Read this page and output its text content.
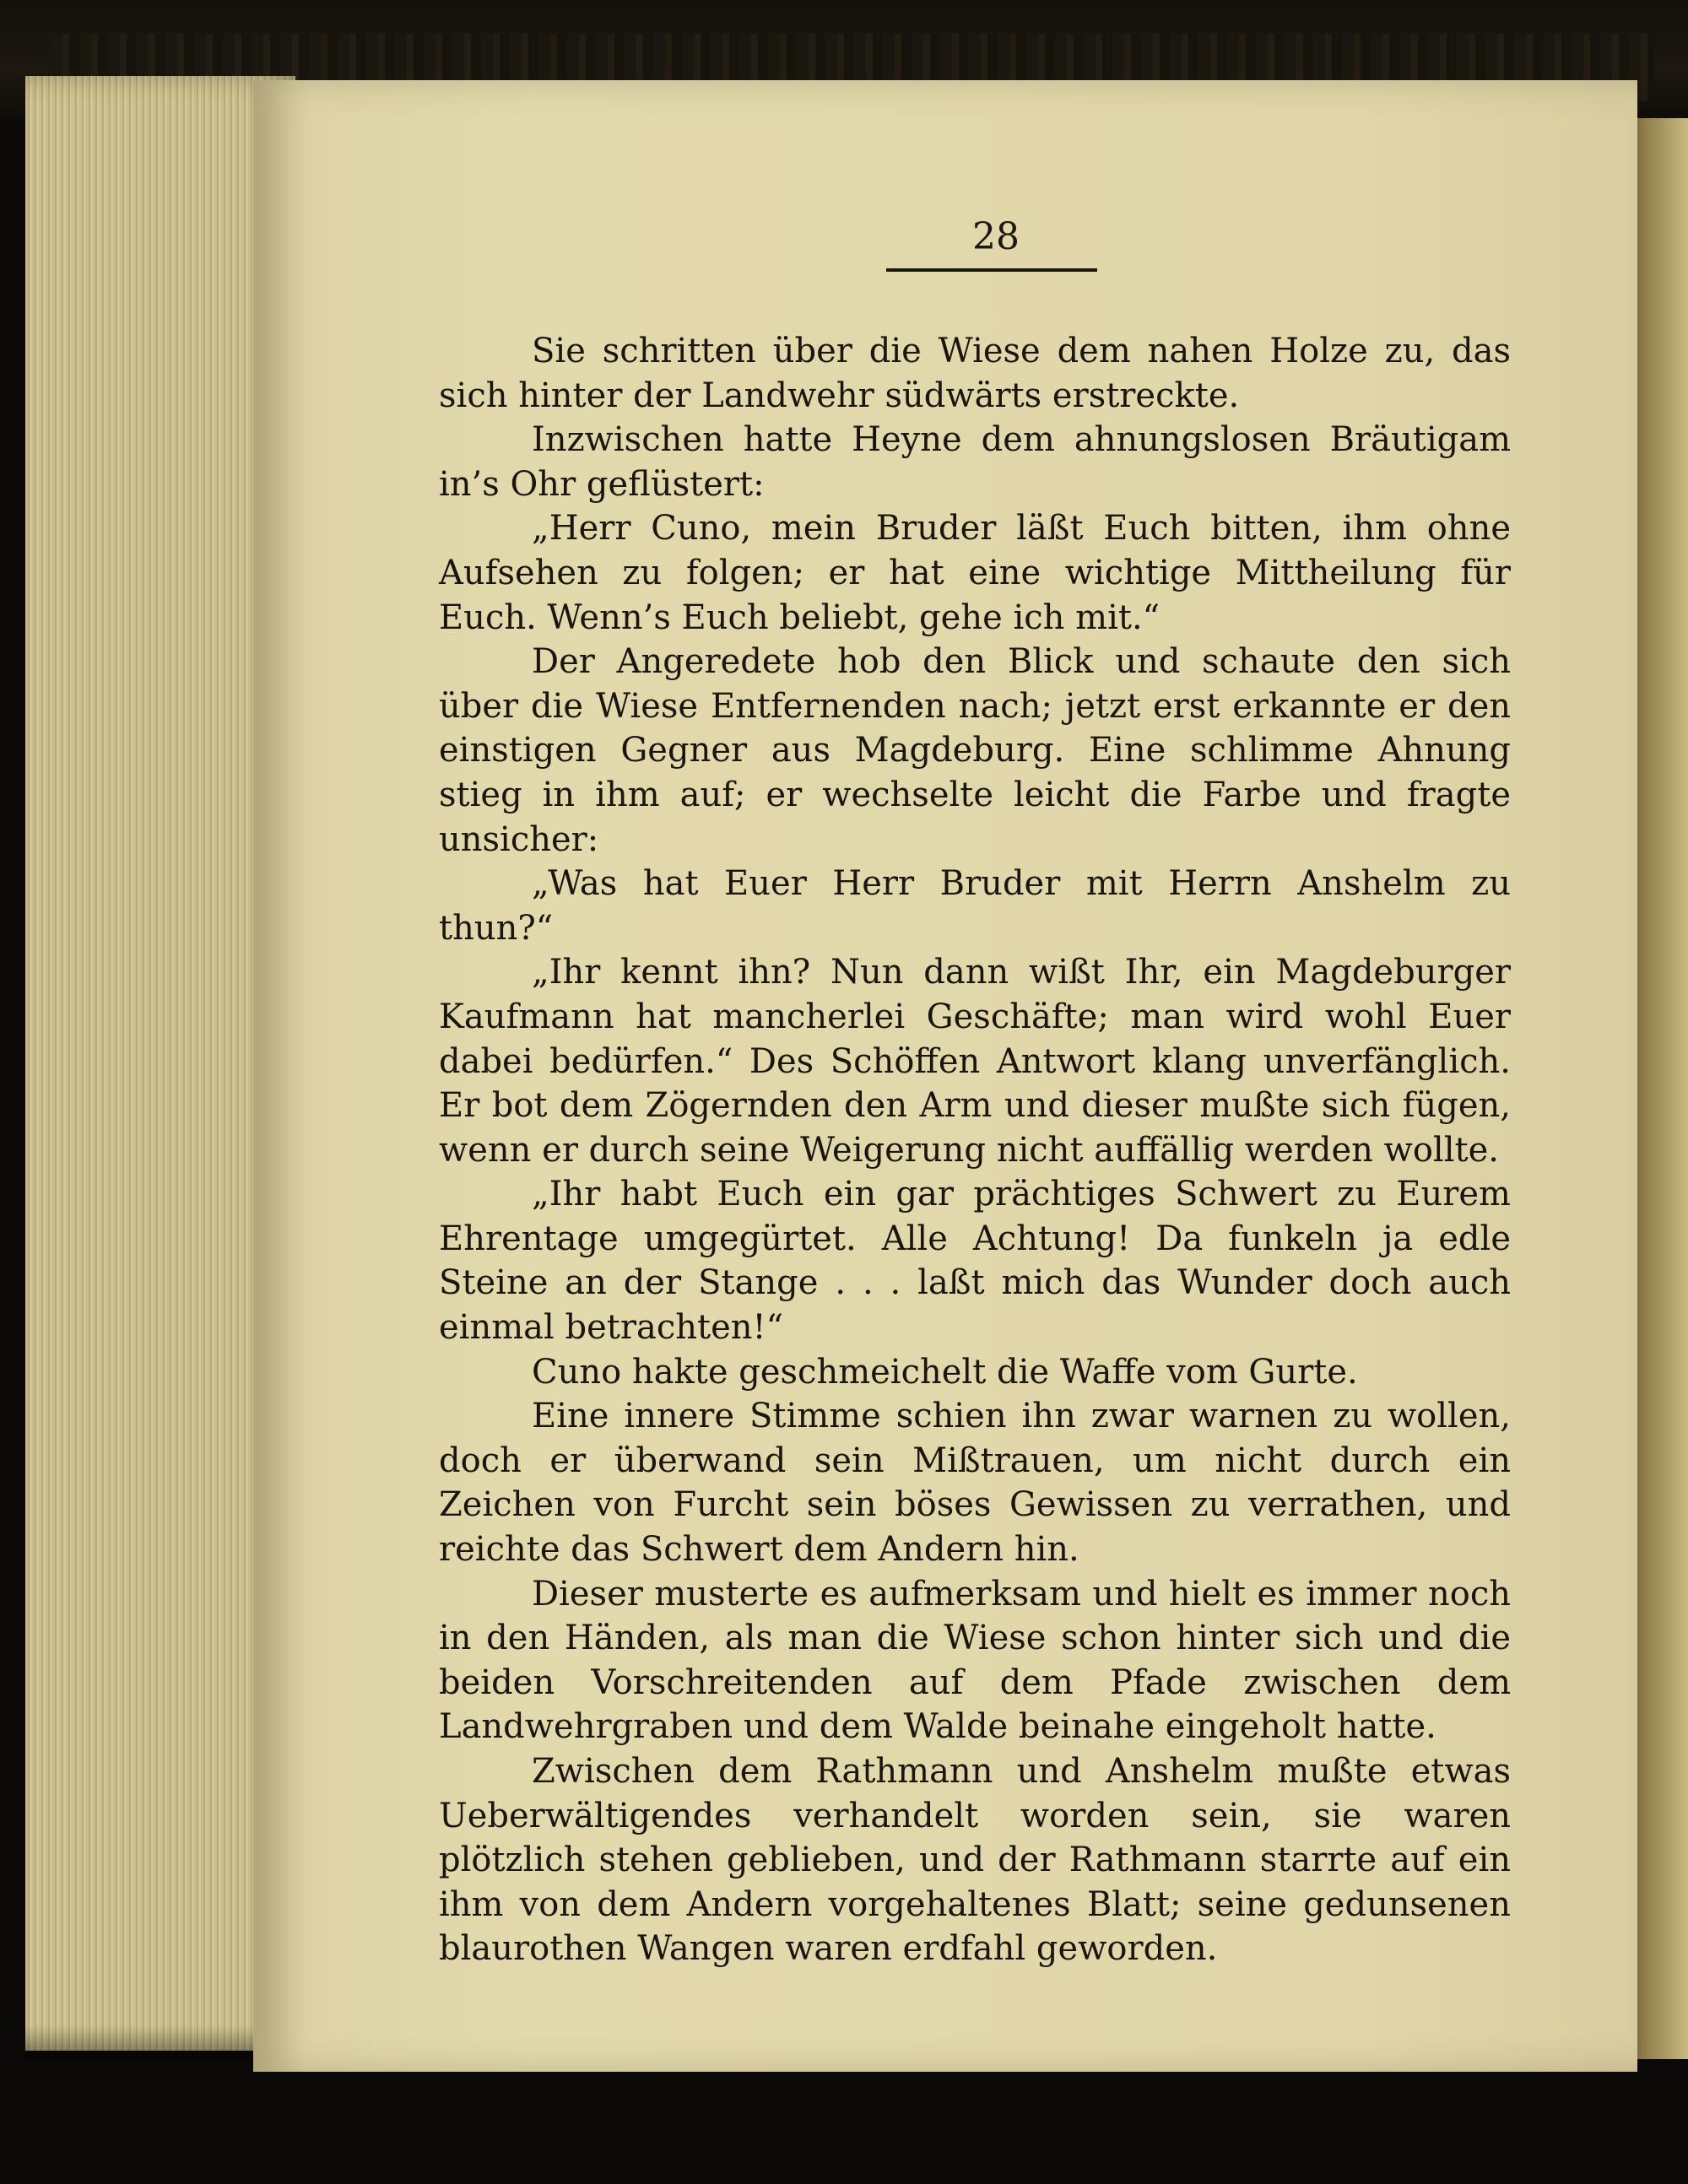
28

Sie schritten über die Wiese dem nahen Holze zu, das sich hinter der Landwehr südwärts erstreckte.

Inzwischen hatte Heyne dem ahnungslosen Bräutigam in’s Ohr geflüstert:

„Herr Cuno, mein Bruder läßt Euch bitten, ihm ohne Aufsehen zu folgen; er hat eine wichtige Mittheilung für Euch. Wenn’s Euch beliebt, gehe ich mit.“

Der Angeredete hob den Blick und schaute den sich über die Wiese Entfernenden nach; jetzt erst erkannte er den einstigen Gegner aus Magdeburg. Eine schlimme Ahnung stieg in ihm auf; er wechselte leicht die Farbe und fragte unsicher:

„Was hat Euer Herr Bruder mit Herrn Anshelm zu thun?“

„Ihr kennt ihn? Nun dann wißt Ihr, ein Magdeburger Kaufmann hat mancherlei Geschäfte; man wird wohl Euer dabei bedürfen.“ Des Schöffen Antwort klang unverfänglich. Er bot dem Zögernden den Arm und dieser mußte sich fügen, wenn er durch seine Weigerung nicht auffällig werden wollte.

„Ihr habt Euch ein gar prächtiges Schwert zu Eurem Ehrentage umgegürtet. Alle Achtung! Da funkeln ja edle Steine an der Stange . . . laßt mich das Wunder doch auch einmal betrachten!“

Cuno hakte geschmeichelt die Waffe vom Gurte.

Eine innere Stimme schien ihn zwar warnen zu wollen, doch er überwand sein Mißtrauen, um nicht durch ein Zeichen von Furcht sein böses Gewissen zu verrathen, und reichte das Schwert dem Andern hin.

Dieser musterte es aufmerksam und hielt es immer noch in den Händen, als man die Wiese schon hinter sich und die beiden Vorschreitenden auf dem Pfade zwischen dem Landwehrgraben und dem Walde beinahe eingeholt hatte.

Zwischen dem Rathmann und Anshelm mußte etwas Ueberwältigendes verhandelt worden sein, sie waren plötzlich stehen geblieben, und der Rathmann starrte auf ein ihm von dem Andern vorgehaltenes Blatt; seine gedunsenen blaurothen Wangen waren erdfahl geworden.
